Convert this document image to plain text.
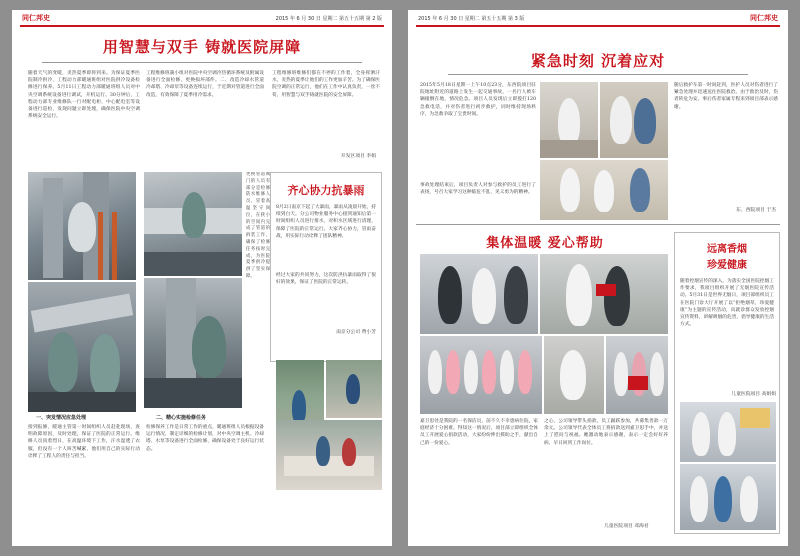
同仁邦史	2015 年 6 月 30 日 星期二 第五十五期 第 2 版
用智慧与双手 铸就医院屏障
随着天气的变暖，炎热夏季即将到来。为保证夏季医院制冷供冷，工程动力部暖通班组对医院供冷设备检修进行保养。5月11日工程动力部暖通班组人员对中央空调系统设备进行调试，开机运行。30分钟后，工程动力部专业维修队一行对配电柜、中心配电室等设备进行巡检，发现问题立即处理，确保医院中央空调系统安全运行。
工程维修班蒲小组对医院中央空调冷热循环系统及附属设备进行全面检修，更换损坏部件。二、改造冷却水管道 冷却塔、冷却泵等设备连续运行，于近期对管道进行全面改造，有效保障了夏季用冷需求。
工程维修班维修们都在不停的工作着，全身挥洒汗水，炎热的夏季让他们的工作更加辛苦。为了确保医院空调的正常运行，他们在工作中认真负责，一丝不苟，用智慧与双手铸就医院的安全屏障。
开发区项目 李娟
更换管道阀门的人员有部分是检修防水维修人员，冒着高温坚守岗位，在狭小的空间内完成了管道的拆装工作，确保了检修任务按时完成，为医院夏季供冷提供了坚实保障。
齐心协力抗暴雨
8月2日南京下起了大暴雨，暴雨从凌晨开始，持续到白天。分公司物业服务中心接到通知后第一时间组织人员进行排水，对积水区域进行清理，保障了医院的正常运行。大家齐心协力，冒雨奋战，用实际行动诠释了团队精神。
经过大家的共同努力，这次防洪抗暴雨取得了很好的效果，保证了医院的正常运转。
南京分公司 费小芳
一、突发情况应急处理
接到报修，暖通主管第一时间组织人员赶赴现场，查明故障原因，及时处理，保证了医院的正常运行。维修人员顶着烈日，在高温环境下工作，汗水湿透了衣服，但没有一个人叫苦喊累，他们用自己的实际行动诠释了工程人的责任与担当。
二、精心实施检修任务
检修保养工作是日常工作的重点，暖通班组人员根据设备运行情况，制定详细的检修计划，对中央空调主机、冷却塔、水泵等设备进行全面检修，确保设备处于良好运行状态。
2015 年 6 月 30 日 星期二 第五十五期 第 3 版	同仁邦史
紧急时刻 沉着应对
2015年5月18日星期一上午10点23分，东西院项目驻院地址附近的道路上发生一起交通事故，一名行人被车辆撞倒在地，情况危急。项目人员发现后立即拨打120急救电话，并对伤者进行初步救护，同时维持现场秩序，为急救争取了宝贵时间。
事故处理结束后，项目负责人对参与救护的员工进行了表扬，号召大家学习这种临危不乱、见义勇为的精神。
随后救护车第一时间赶到，医护人员对伤者进行了紧急处理并迅速送往医院救治。由于救治及时，伤者转危为安。事后伤者家属专程来到项目部表示感谢。
东、西院项目 于杰
集体温暖 爱心帮助
嘉卫思处是我院的一名保洁员，前不久不幸患病住院，家庭经济十分困难。得知这一情况后，项目部立即组织全体员工开展爱心捐款活动，大家纷纷伸出援助之手，献出自己的一份爱心。
之心，公司领导带头捐款，员工踊跃参加，共募集善款一万余元。公司领导代表全体员工将捐款送到嘉卫思手中，并送上了慰问与祝福。她激动地表示感谢，表示一定会好好养病，早日回到工作岗位。
儿童医院项目 邓海君
远离香烟
珍爱健康
随着控烟宣传的深入，为落实全国医院控烟工作要求，我项目组织开展了无烟医院宣传活动。5月31日是世界无烟日，项目部组织员工在医院门诊大厅开展了以“拒绝烟草，珍爱健康”为主题的宣传活动，向就诊群众发放控烟宣传资料，讲解吸烟的危害，倡导健康的生活方式。
儿童医院项目 高娟娟
